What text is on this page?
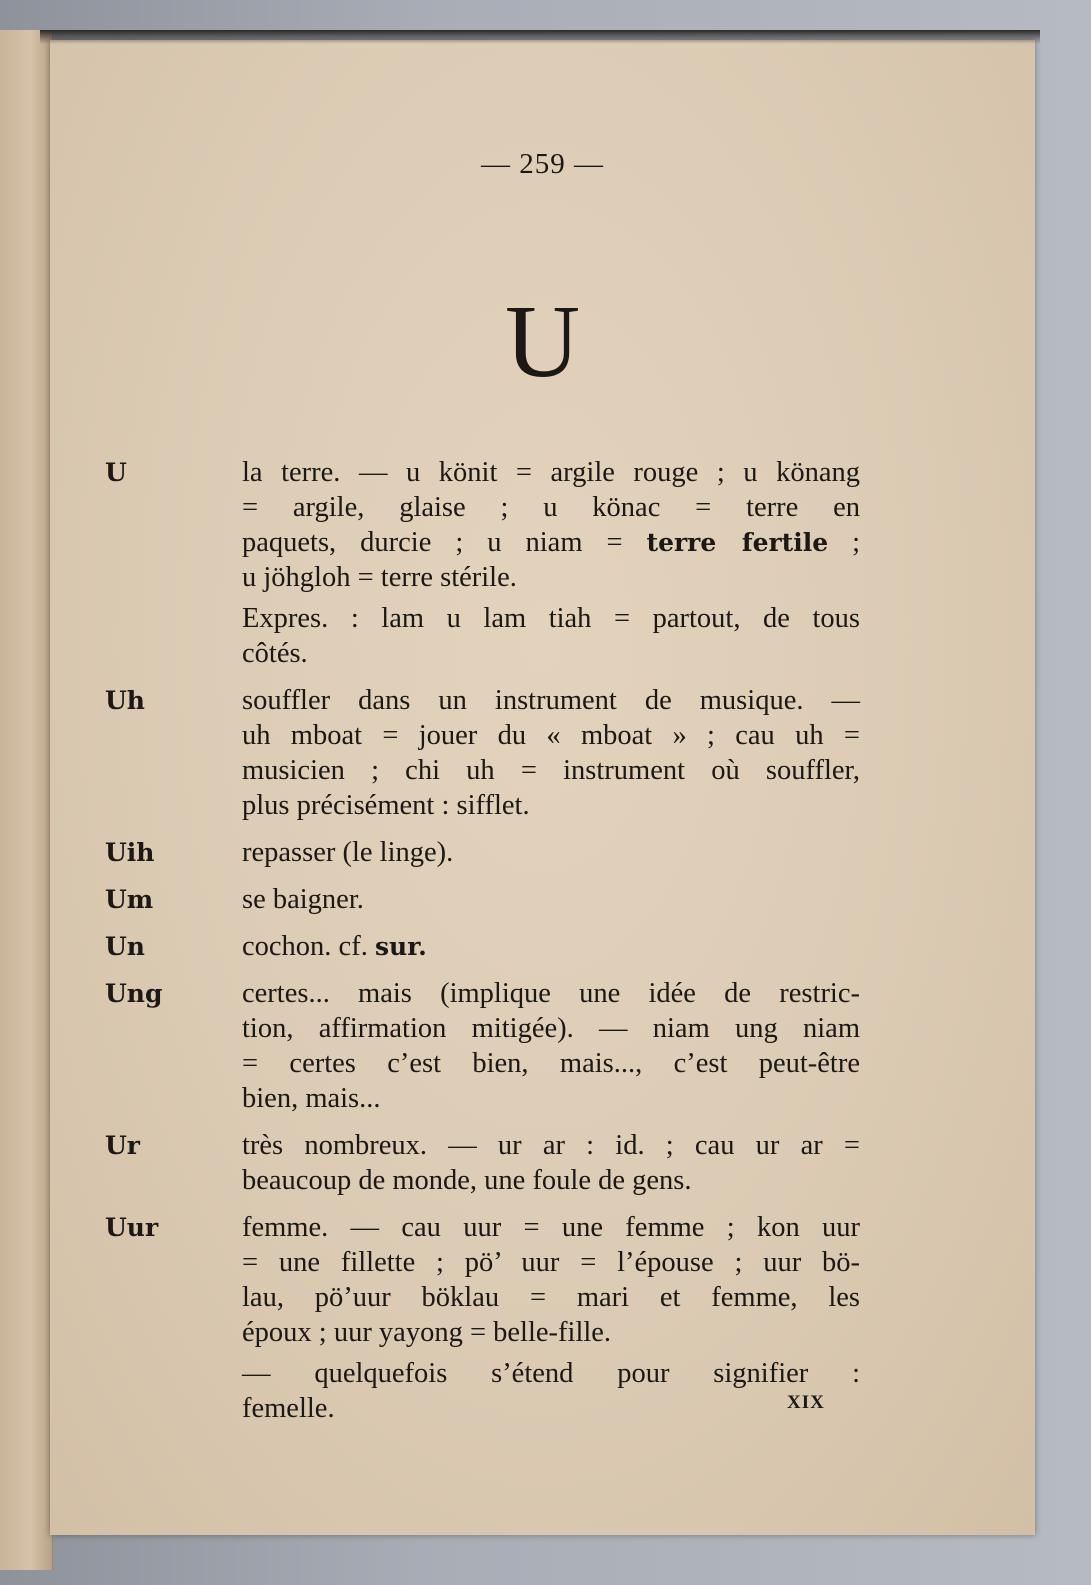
— 259 —
U
U	la terre. — u könit = argile rouge ; u könang
= argile, glaise ; u könac = terre en
paquets, durcie ; u niam = terre fertile ;
u jöhgloh = terre stérile.
Expres. : lam u lam tiah = partout, de tous
côtés.
Uh	souffler dans un instrument de musique. —
uh mboat = jouer du « mboat » ; cau uh =
musicien ; chi uh = instrument où souffler,
plus précisément : sifflet.
Uih	repasser (le linge).
Um	se baigner.
Un	cochon. cf. sur.
Ung	certes... mais (implique une idée de restric-
tion, affirmation mitigée). — niam ung niam
= certes c’est bien, mais..., c’est peut-être
bien, mais...
Ur	très nombreux. — ur ar : id. ; cau ur ar =
beaucoup de monde, une foule de gens.
Uur	femme. — cau uur = une femme ; kon uur
= une fillette ; pö’ uur = l’épouse ; uur bö-
lau, pö’uur böklau = mari et femme, les
époux ; uur yayong = belle-fille.
— quelquefois s’étend pour signifier :
femelle.	XIX
